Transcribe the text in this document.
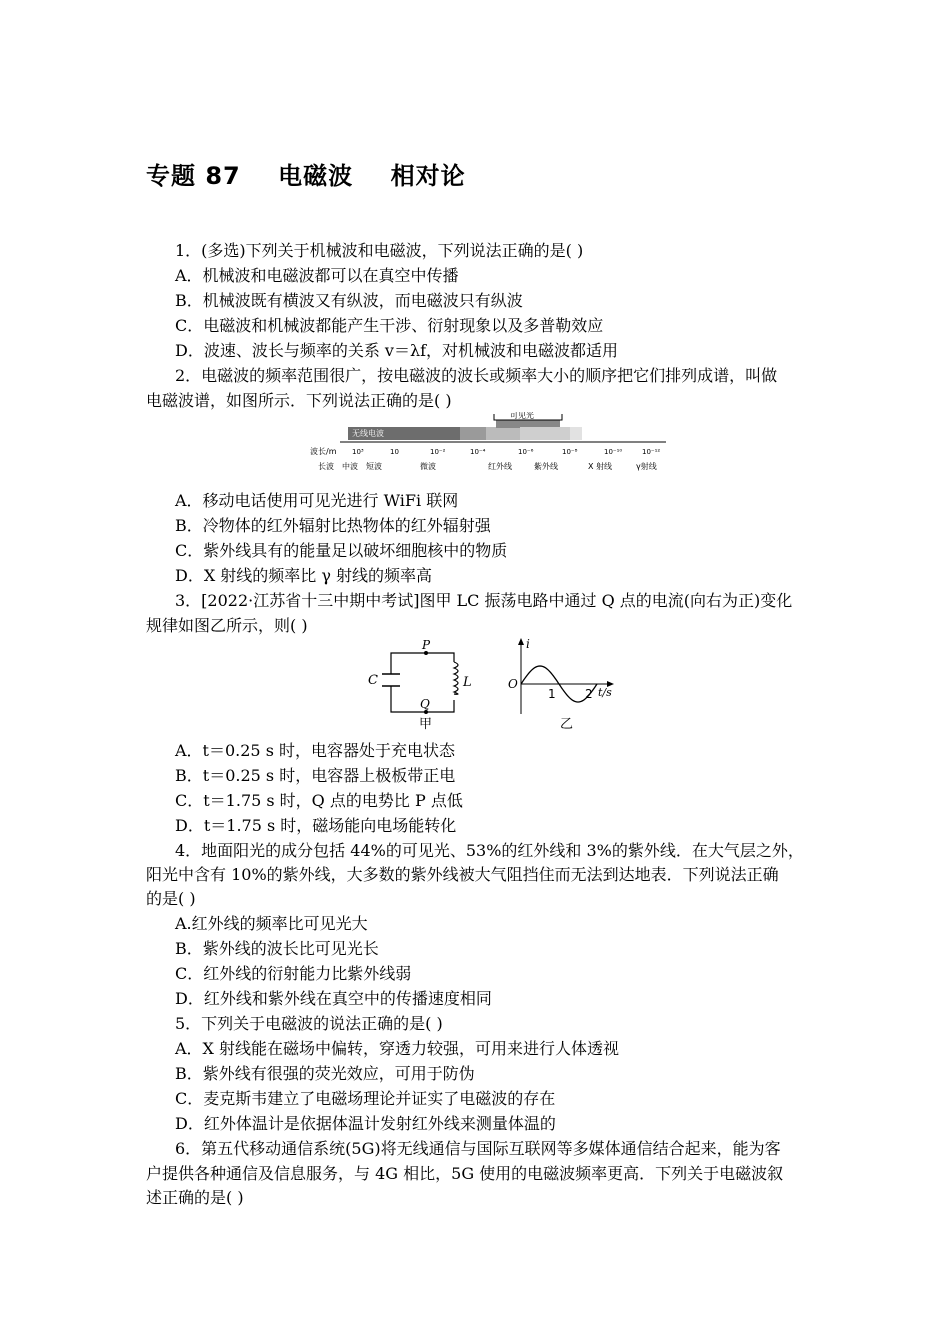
专题 87    电磁波    相对论
1．(多选)下列关于机械波和电磁波，下列说法正确的是( )
A．机械波和电磁波都可以在真空中传播
B．机械波既有横波又有纵波，而电磁波只有纵波
C．电磁波和机械波都能产生干涉、衍射现象以及多普勒效应
D．波速、波长与频率的关系 v＝λf，对机械波和电磁波都适用
2．电磁波的频率范围很广，按电磁波的波长或频率大小的顺序把它们排列成谱，叫做
电磁波谱，如图所示．下列说法正确的是( )
无线电波
可见光
波长/m 10³	10	10⁻²	10⁻⁴	10⁻⁶	10⁻⁸	10⁻¹⁰	10⁻¹²
长波 中波 短波	微波	红外线	紫外线	X 射线	γ射线
A．移动电话使用可见光进行 WiFi 联网
B．冷物体的红外辐射比热物体的红外辐射强
C．紫外线具有的能量足以破坏细胞核中的物质
D．X 射线的频率比 γ 射线的频率高
3．[2022·江苏省十三中期中考试]图甲 LC 振荡电路中通过 Q 点的电流(向右为正)变化
规律如图乙所示，则( )
C	L
P
Q
甲
i
O
1 2 t/s
乙
A．t＝0.25 s 时，电容器处于充电状态
B．t＝0.25 s 时，电容器上极板带正电
C．t＝1.75 s 时，Q 点的电势比 P 点低
D．t＝1.75 s 时，磁场能向电场能转化
4．地面阳光的成分包括 44%的可见光、53%的红外线和 3%的紫外线．在大气层之外，
阳光中含有 10%的紫外线，大多数的紫外线被大气阻挡住而无法到达地表．下列说法正确
的是( )
A.红外线的频率比可见光大
B．紫外线的波长比可见光长
C．红外线的衍射能力比紫外线弱
D．红外线和紫外线在真空中的传播速度相同
5．下列关于电磁波的说法正确的是( )
A．X 射线能在磁场中偏转，穿透力较强，可用来进行人体透视
B．紫外线有很强的荧光效应，可用于防伪
C．麦克斯韦建立了电磁场理论并证实了电磁波的存在
D．红外体温计是依据体温计发射红外线来测量体温的
6．第五代移动通信系统(5G)将无线通信与国际互联网等多媒体通信结合起来，能为客
户提供各种通信及信息服务，与 4G 相比，5G 使用的电磁波频率更高．下列关于电磁波叙
述正确的是( )
